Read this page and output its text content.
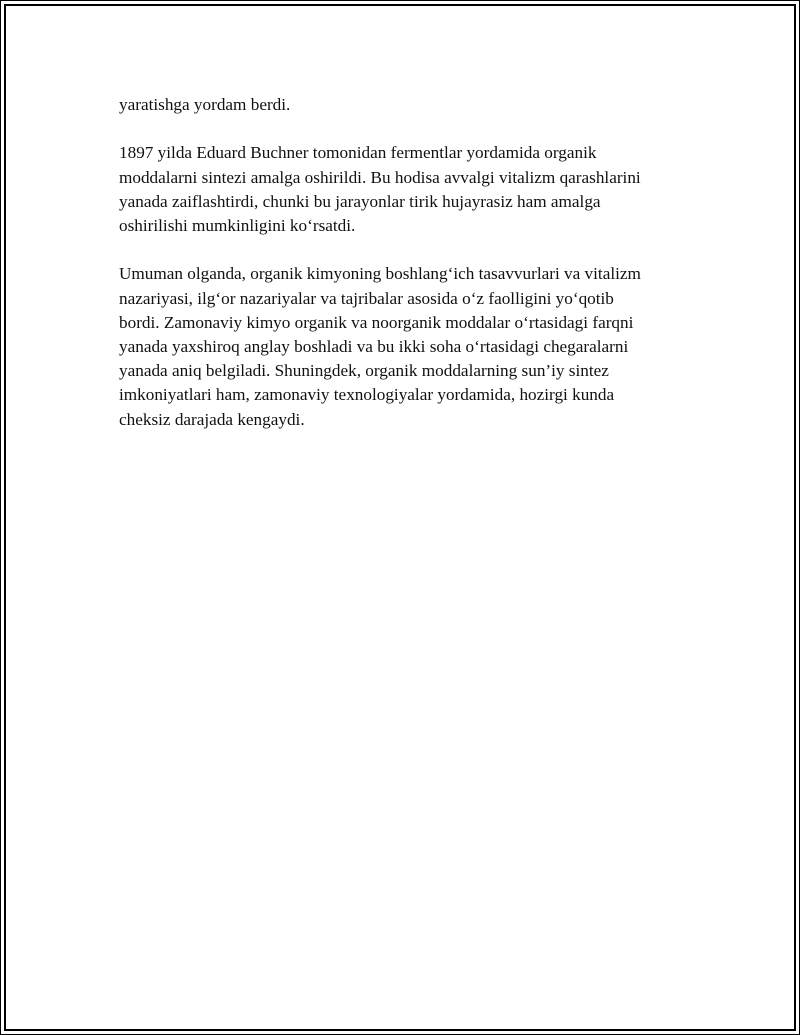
yaratishga yordam berdi.

1897 yilda Eduard Buchner tomonidan fermentlar yordamida organik
moddalarni sintezi amalga oshirildi. Bu hodisa avvalgi vitalizm qarashlarini
yanada zaiflashtirdi, chunki bu jarayonlar tirik hujayrasiz ham amalga
oshirilishi mumkinligini ko‘rsatdi.

Umuman olganda, organik kimyoning boshlang‘ich tasavvurlari va vitalizm
nazariyasi, ilg‘or nazariyalar va tajribalar asosida o‘z faolligini yo‘qotib
bordi. Zamonaviy kimyo organik va noorganik moddalar o‘rtasidagi farqni
yanada yaxshiroq anglay boshladi va bu ikki soha o‘rtasidagi chegaralarni
yanada aniq belgiladi. Shuningdek, organik moddalarning sun’iy sintez
imkoniyatlari ham, zamonaviy texnologiyalar yordamida, hozirgi kunda
cheksiz darajada kengaydi.
